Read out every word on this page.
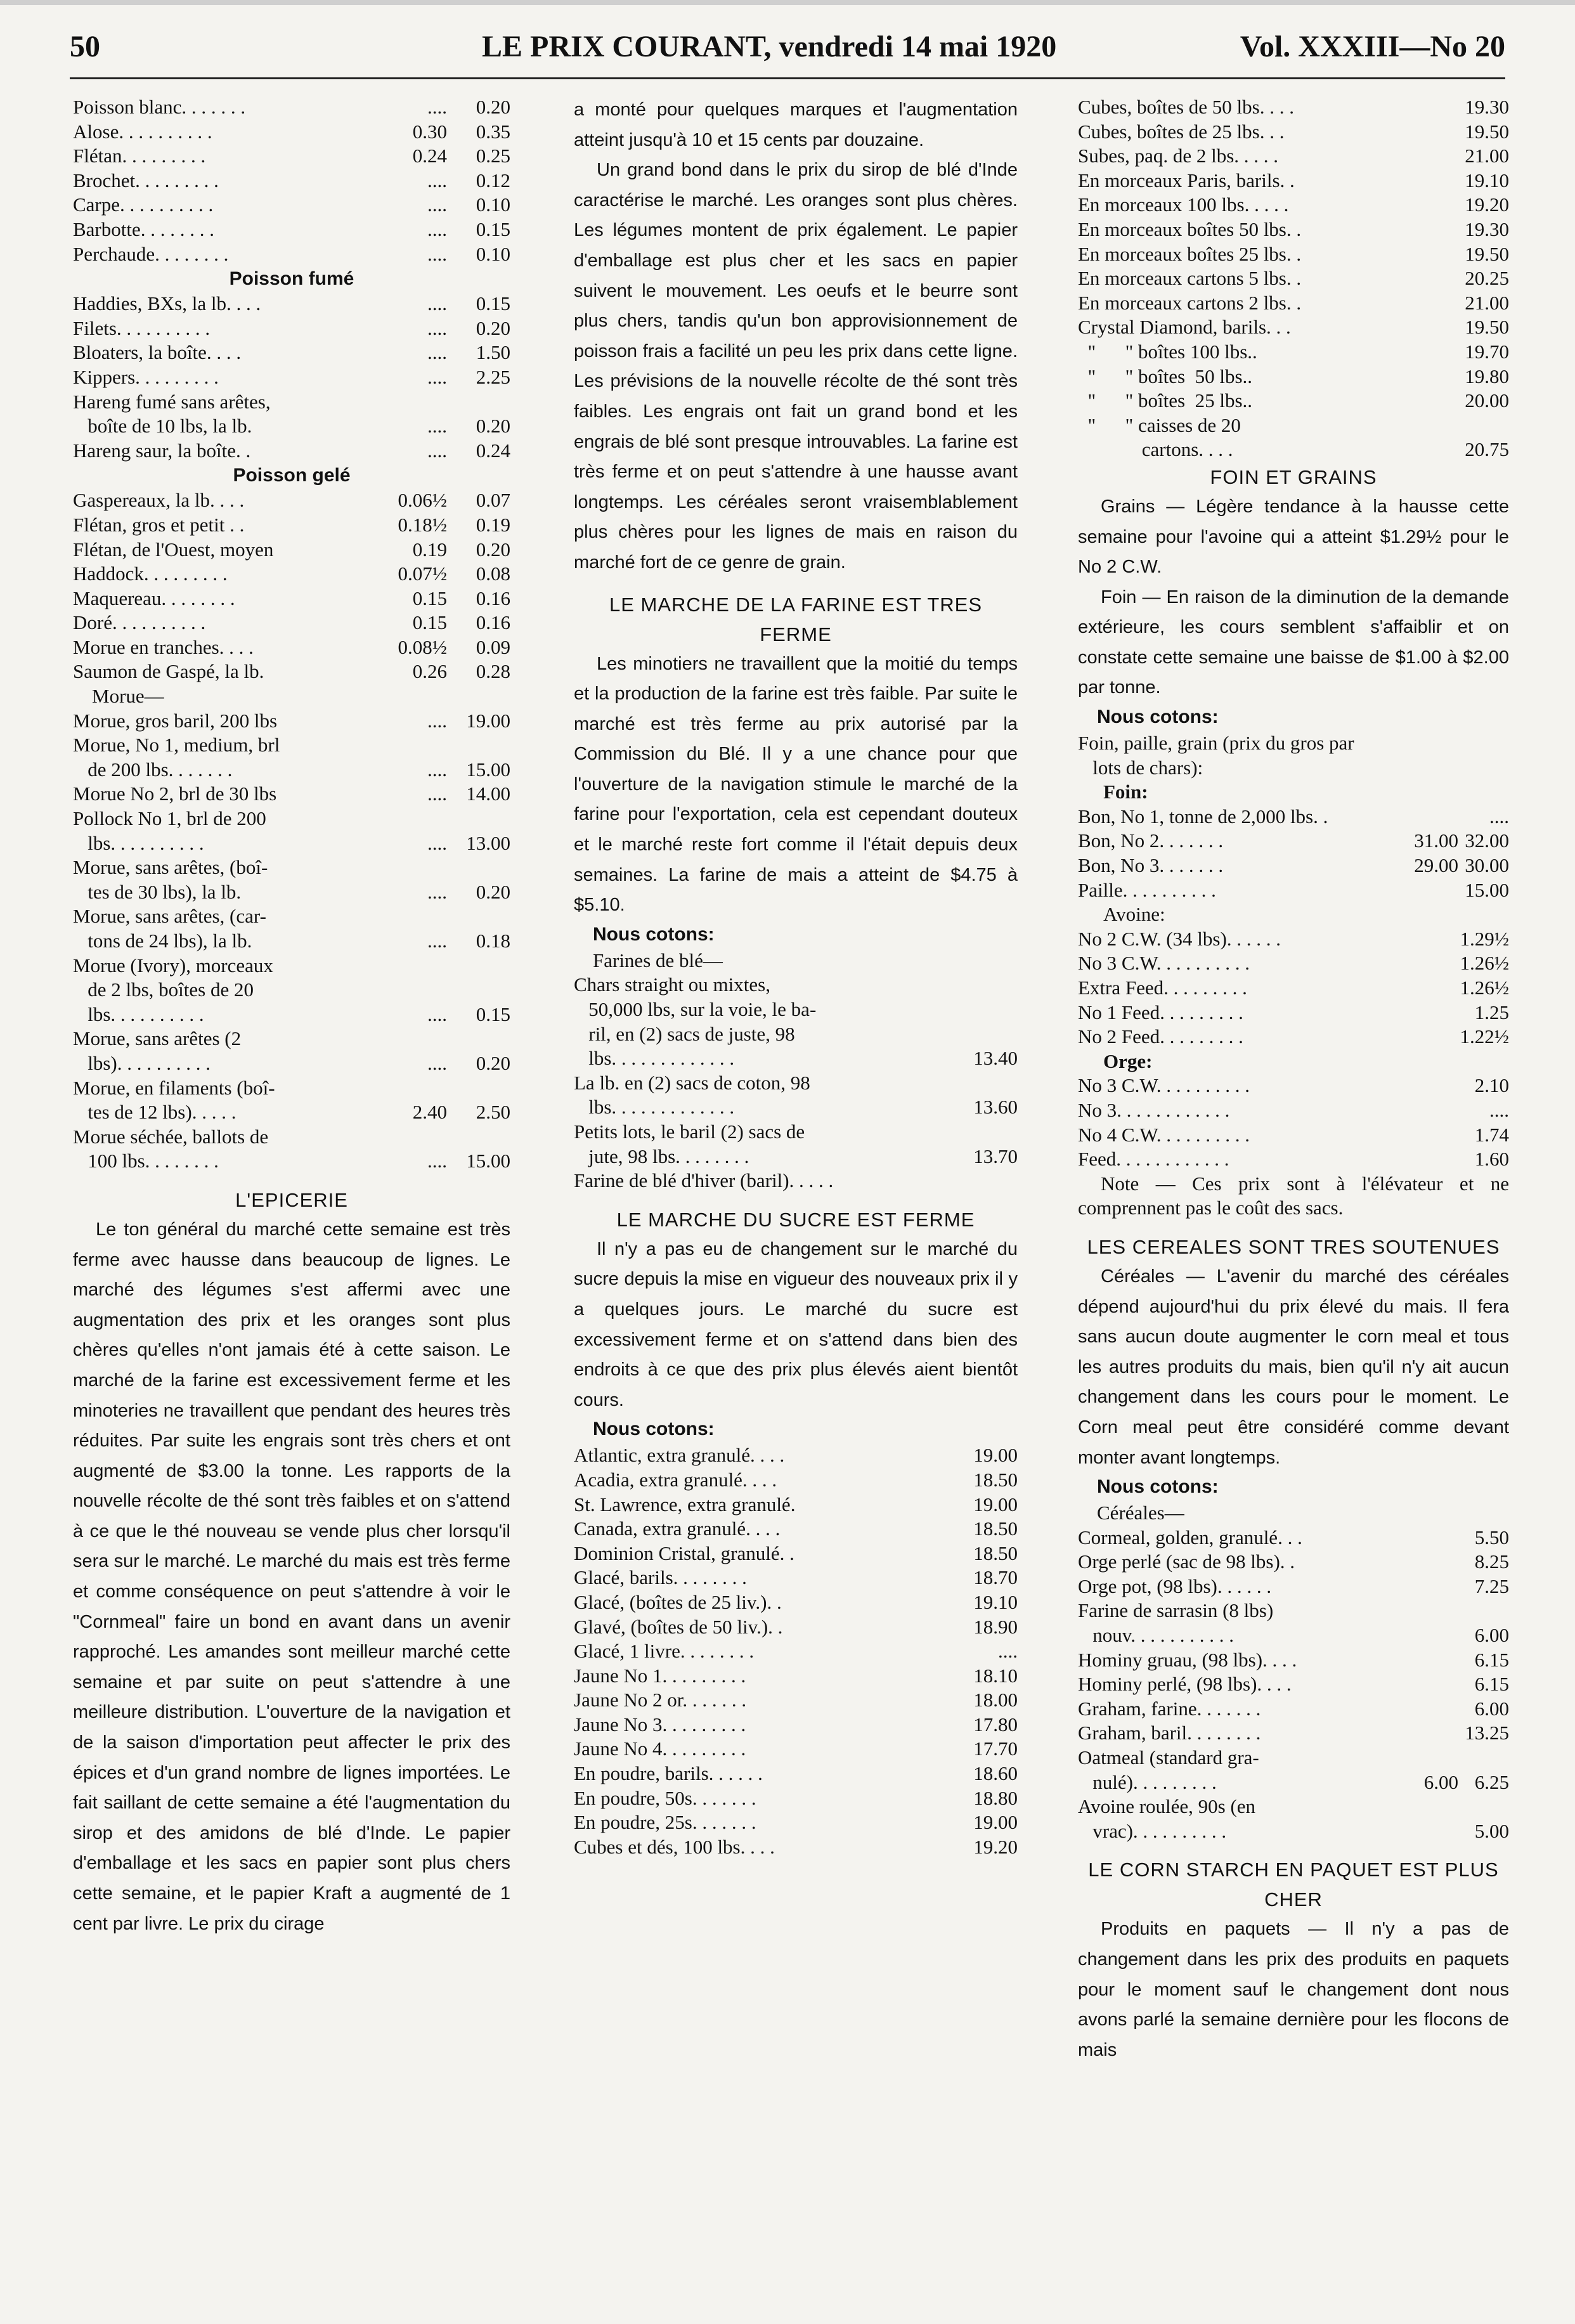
50	LE PRIX COURANT, vendredi 14 mai 1920	Vol. XXXIII—No 20
Poisson blanc. . . . . . .	.... 0.20
Alose. . . . . . . . . .	0.30 0.35
Flétan. . . . . . . . .	0.24 0.25
Brochet. . . . . . . . .	.... 0.12
Carpe. . . . . . . . . .	.... 0.10
Barbotte. . . . . . . .	.... 0.15
Perchaude. . . . . . . .	.... 0.10
Poisson fumé
Haddies, BXs, la lb. . . .	.... 0.15
Filets. . . . . . . . . .	.... 0.20
Bloaters, la boîte. . . .	.... 1.50
Kippers. . . . . . . . .	.... 2.25
Hareng fumé sans arêtes,
boîte de 10 lbs, la lb.	.... 0.20
Hareng saur, la boîte. .	.... 0.24
Poisson gelé
Gaspereaux, la lb. . . .	0.06½ 0.07
Flétan, gros et petit . .	0.18½ 0.19
Flétan, de l'Ouest, moyen	0.19 0.20
Haddock. . . . . . . . .	0.07½ 0.08
Maquereau. . . . . . . .	0.15 0.16
Doré. . . . . . . . . .	0.15 0.16
Morue en tranches. . . .	0.08½ 0.09
Saumon de Gaspé, la lb.	0.26 0.28
Morue—
Morue, gros baril, 200 lbs	.... 19.00
Morue, No 1, medium, brl
de 200 lbs. . . . . . .	.... 15.00
Morue No 2, brl de 30 lbs	.... 14.00
Pollock No 1, brl de 200
lbs. . . . . . . . . .	.... 13.00
Morue, sans arêtes, (boî-
tes de 30 lbs), la lb.	.... 0.20
Morue, sans arêtes, (car-
tons de 24 lbs), la lb.	.... 0.18
Morue (Ivory), morceaux
de 2 lbs, boîtes de 20
lbs. . . . . . . . . .	.... 0.15
Morue, sans arêtes (2
lbs). . . . . . . . . .	.... 0.20
Morue, en filaments (boî-
tes de 12 lbs). . . . .	2.40 2.50
Morue séchée, ballots de
100 lbs. . . . . . . .	.... 15.00
L'EPICERIE

Le ton général du marché cette semaine est très ferme avec hausse dans beaucoup de lignes. Le marché des légumes s'est affermi avec une augmentation des prix et les oranges sont plus chères qu'elles n'ont jamais été à cette saison. Le marché de la farine est excessivement ferme et les minoteries ne travaillent que pendant des heures très réduites. Par suite les engrais sont très chers et ont augmenté de $3.00 la tonne. Les rapports de la nouvelle récolte de thé sont très faibles et on s'attend à ce que le thé nouveau se vende plus cher lorsqu'il sera sur le marché. Le marché du mais est très ferme et comme conséquence on peut s'attendre à voir le "Cornmeal" faire un bond en avant dans un avenir rapproché. Les amandes sont meilleur marché cette semaine et par suite on peut s'attendre à une meilleure distribution. L'ouverture de la navigation et de la saison d'importation peut affecter le prix des épices et d'un grand nombre de lignes importées. Le fait saillant de cette semaine a été l'augmentation du sirop et des amidons de blé d'Inde. Le papier d'emballage et les sacs en papier sont plus chers cette semaine, et le papier Kraft a augmenté de 1 cent par livre. Le prix du cirage

a monté pour quelques marques et l'augmentation atteint jusqu'à 10 et 15 cents par douzaine.

Un grand bond dans le prix du sirop de blé d'Inde caractérise le marché. Les oranges sont plus chères. Les légumes montent de prix également. Le papier d'emballage est plus cher et les sacs en papier suivent le mouvement. Les oeufs et le beurre sont plus chers, tandis qu'un bon approvisionnement de poisson frais a facilité un peu les prix dans cette ligne. Les prévisions de la nouvelle récolte de thé sont très faibles. Les engrais ont fait un grand bond et les engrais de blé sont presque introuvables. La farine est très ferme et on peut s'attendre à une hausse avant longtemps. Les céréales seront vraisemblablement plus chères pour les lignes de mais en raison du marché fort de ce genre de grain.

LE MARCHE DE LA FARINE EST TRES FERME

Les minotiers ne travaillent que la moitié du temps et la production de la farine est très faible. Par suite le marché est très ferme au prix autorisé par la Commission du Blé. Il y a une chance pour que l'ouverture de la navigation stimule le marché de la farine pour l'exportation, cela est cependant douteux et le marché reste fort comme il l'était depuis deux semaines. La farine de mais a atteint de $4.75 à $5.10.

Nous cotons:
Farines de blé—
Chars straight ou mixtes,
50,000 lbs, sur la voie, le ba-
ril, en (2) sacs de juste, 98
lbs. . . . . . . . . . . . .	13.40
La lb. en (2) sacs de coton, 98
lbs. . . . . . . . . . . . .	13.60
Petits lots, le baril (2) sacs de
jute, 98 lbs. . . . . . . .	13.70
Farine de blé d'hiver (baril). . . . .
LE MARCHE DU SUCRE EST FERME

Il n'y a pas eu de changement sur le marché du sucre depuis la mise en vigueur des nouveaux prix il y a quelques jours. Le marché du sucre est excessivement ferme et on s'attend dans bien des endroits à ce que des prix plus élevés aient bientôt cours.

Nous cotons:
Atlantic, extra granulé. . . .	19.00
Acadia, extra granulé. . . .	18.50
St. Lawrence, extra granulé.	19.00
Canada, extra granulé. . . .	18.50
Dominion Cristal, granulé. .	18.50
Glacé, barils. . . . . . . .	18.70
Glacé, (boîtes de 25 liv.). .	19.10
Glavé, (boîtes de 50 liv.). .	18.90
Glacé, 1 livre. . . . . . . .	....
Jaune No 1. . . . . . . . .	18.10
Jaune No 2 or. . . . . . .	18.00
Jaune No 3. . . . . . . . .	17.80
Jaune No 4. . . . . . . . .	17.70
En poudre, barils. . . . . .	18.60
En poudre, 50s. . . . . . .	18.80
En poudre, 25s. . . . . . .	19.00
Cubes et dés, 100 lbs. . . .	19.20
Cubes, boîtes de 50 lbs. . . .	19.30
Cubes, boîtes de 25 lbs. . .	19.50
Subes, paq. de 2 lbs. . . . .	21.00
En morceaux Paris, barils. .	19.10
En morceaux 100 lbs. . . . .	19.20
En morceaux boîtes 50 lbs. .	19.30
En morceaux boîtes 25 lbs. .	19.50
En morceaux cartons 5 lbs. .	20.25
En morceaux cartons 2 lbs. .	21.00
Crystal Diamond, barils. . .	19.50
"      " boîtes 100 lbs..	19.70
"      " boîtes  50 lbs..	19.80
"      " boîtes  25 lbs..	20.00
"      " caisses de 20
cartons. . . .	20.75
FOIN ET GRAINS

Grains — Légère tendance à la hausse cette semaine pour l'avoine qui a atteint $1.29½ pour le No 2 C.W.

Foin — En raison de la diminution de la demande extérieure, les cours semblent s'affaiblir et on constate cette semaine une baisse de $1.00 à $2.00 par tonne.

Nous cotons:
Foin, paille, grain (prix du gros par
lots de chars):
Foin:
Bon, No 1, tonne de 2,000 lbs. .	....
Bon, No 2. . . . . . .	31.00 32.00
Bon, No 3. . . . . . .	29.00 30.00
Paille. . . . . . . . . .	15.00
Avoine:
No 2 C.W. (34 lbs). . . . . .	1.29½
No 3 C.W. . . . . . . . . .	1.26½
Extra Feed. . . . . . . . .	1.26½
No 1 Feed. . . . . . . . .	1.25
No 2 Feed. . . . . . . . .	1.22½
Orge:
No 3 C.W. . . . . . . . . .	2.10
No 3. . . . . . . . . . . .	....
No 4 C.W. . . . . . . . . .	1.74
Feed. . . . . . . . . . . .	1.60

Note — Ces prix sont à l'élévateur et ne comprennent pas le coût des sacs.

LES CEREALES SONT TRES SOUTENUES

Céréales — L'avenir du marché des céréales dépend aujourd'hui du prix élevé du mais. Il fera sans aucun doute augmenter le corn meal et tous les autres produits du mais, bien qu'il n'y ait aucun changement dans les cours pour le moment. Le Corn meal peut être considéré comme devant monter avant longtemps.

Nous cotons:
Céréales—
Cormeal, golden, granulé. . .	5.50
Orge perlé (sac de 98 lbs). .	8.25
Orge pot, (98 lbs). . . . . .	7.25
Farine de sarrasin (8 lbs)
nouv. . . . . . . . . . .	6.00
Hominy gruau, (98 lbs). . . .	6.15
Hominy perlé, (98 lbs). . . .	6.15
Graham, farine. . . . . . .	6.00
Graham, baril. . . . . . . .	13.25
Oatmeal (standard gra-
nulé). . . . . . . . .	6.00 6.25
Avoine roulée, 90s (en
vrac). . . . . . . . . .	5.00
LE CORN STARCH EN PAQUET EST PLUS CHER

Produits en paquets — Il n'y a pas de changement dans les prix des produits en paquets pour le moment sauf le changement dont nous avons parlé la semaine dernière pour les flocons de mais
